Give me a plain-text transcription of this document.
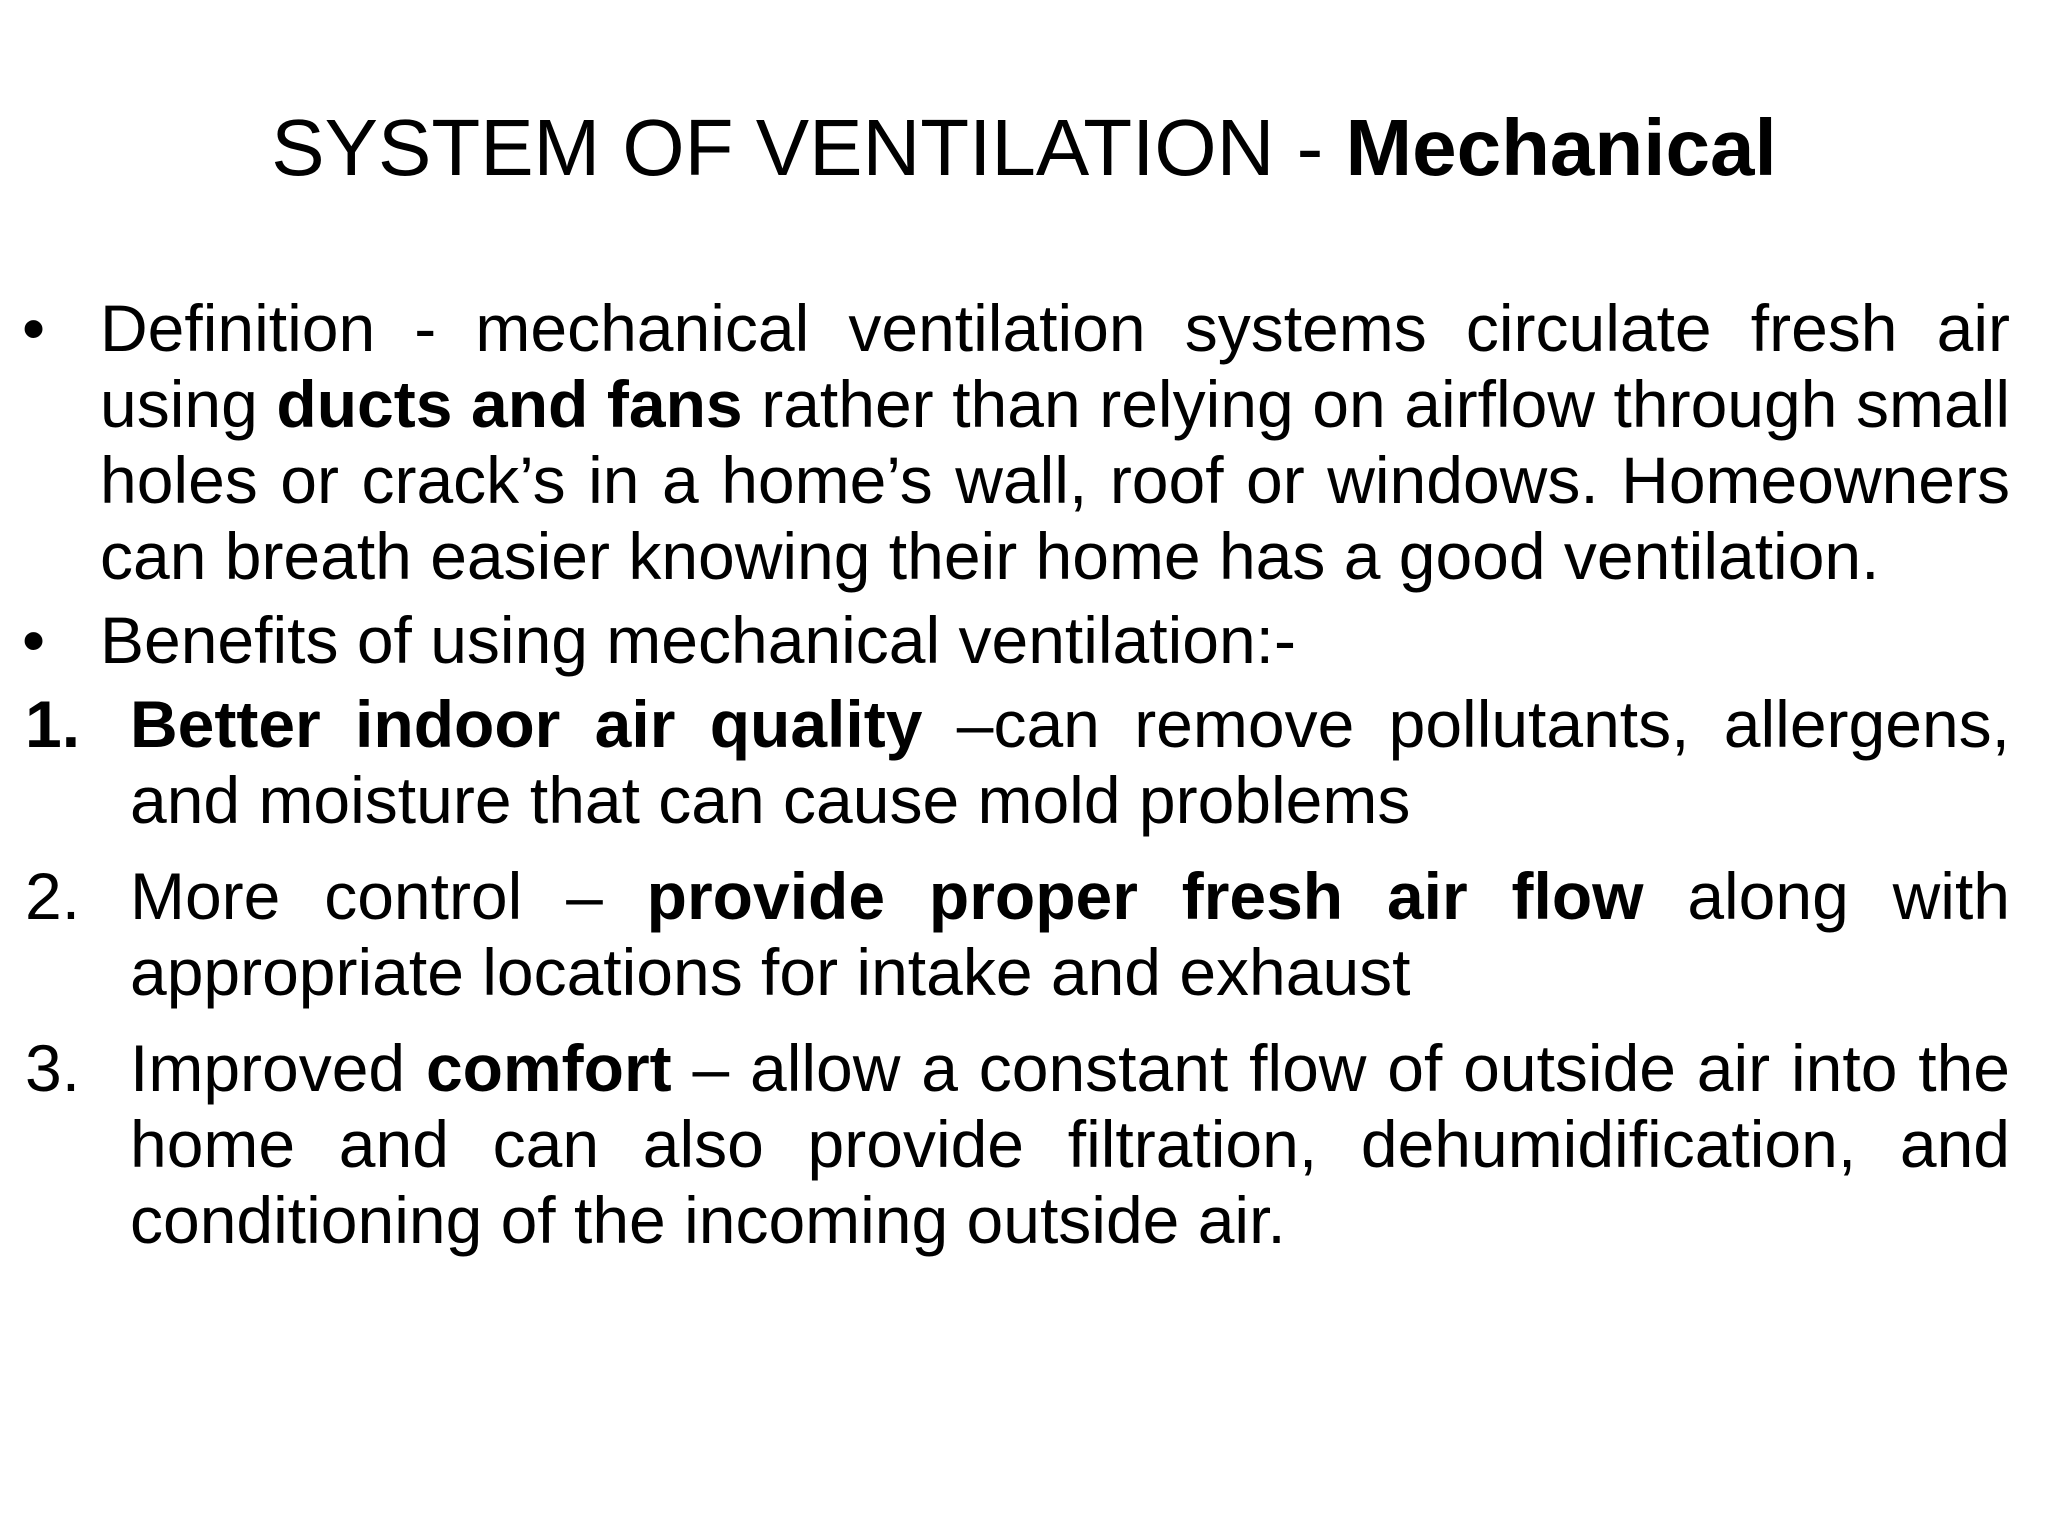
SYSTEM OF VENTILATION - Mechanical
• Definition - mechanical ventilation systems circulate fresh air using ducts and fans rather than relying on airflow through small holes or crack’s in a home’s wall, roof or windows. Homeowners can breath easier knowing their home has a good ventilation.
• Benefits of using mechanical ventilation:-
1. Better indoor air quality –can remove pollutants, allergens, and moisture that can cause mold problems
2. More control – provide proper fresh air flow along with appropriate locations for intake and exhaust
3. Improved comfort – allow a constant flow of outside air into the home and can also provide filtration, dehumidification, and conditioning of the incoming outside air.
